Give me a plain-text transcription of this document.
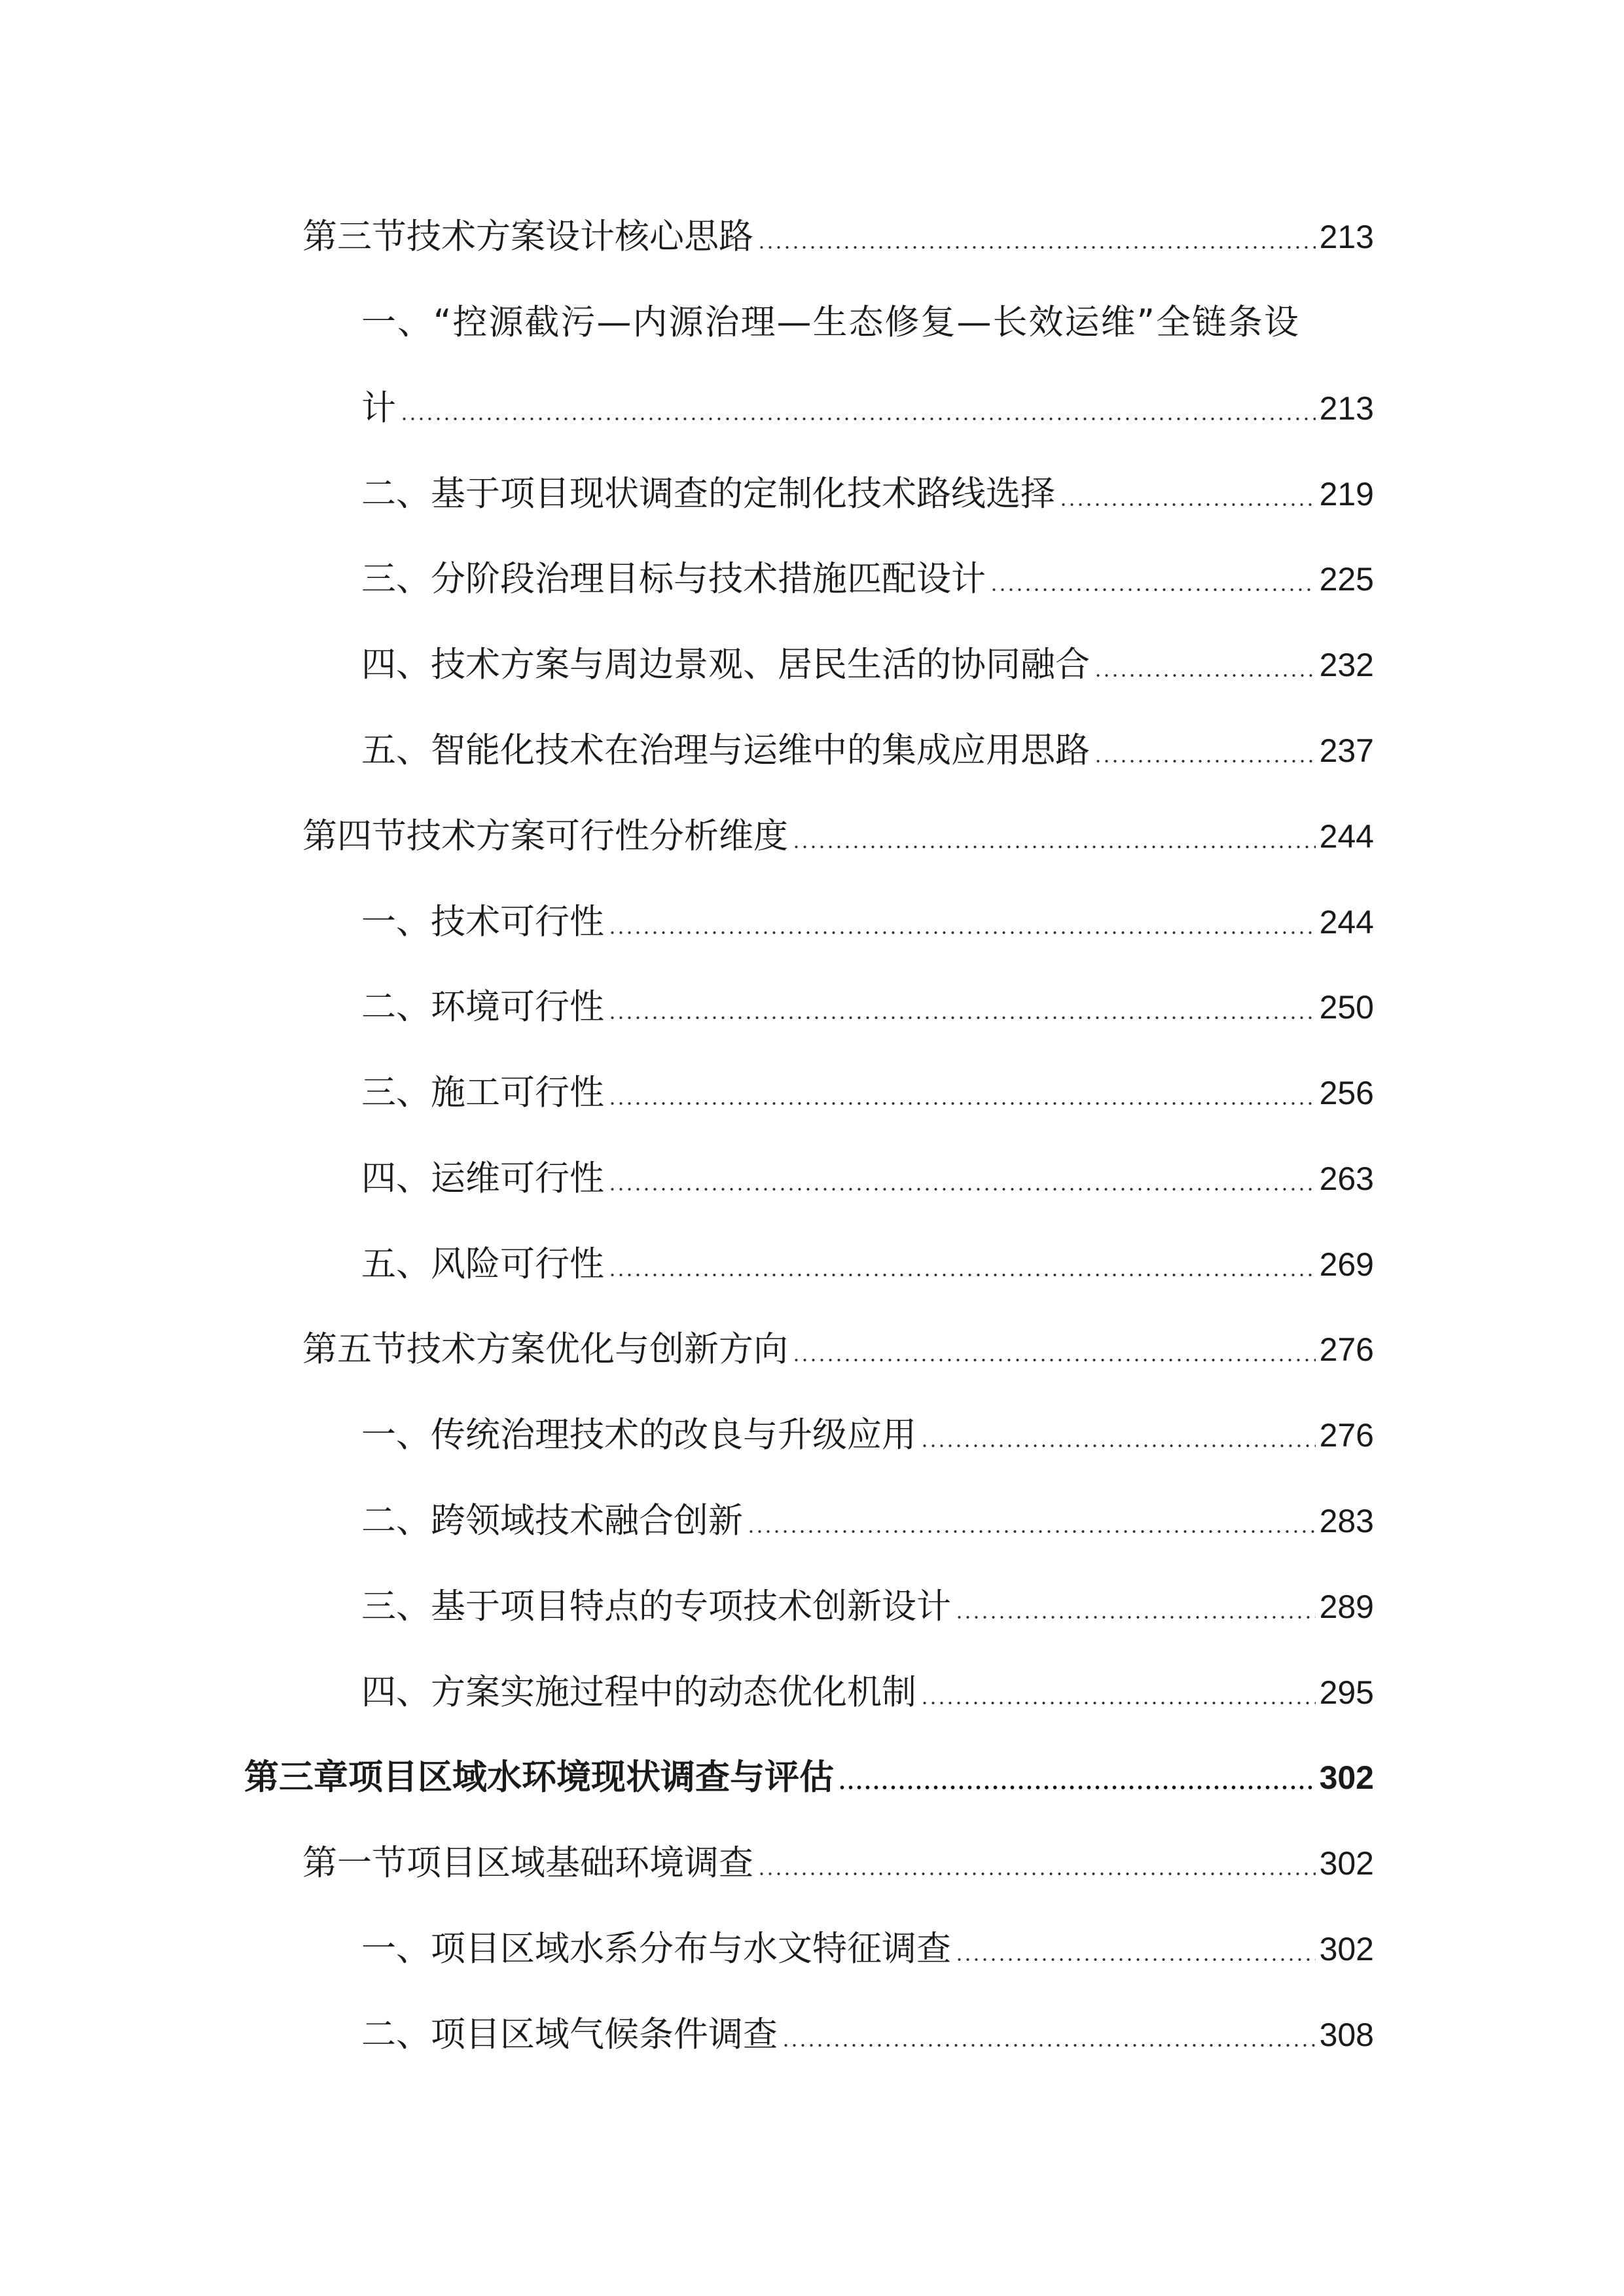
第三节技术方案设计核心思路	213
一、“控源截污—内源治理—生态修复—长效运维”全链条设
计	213
二、基于项目现状调查的定制化技术路线选择	219
三、分阶段治理目标与技术措施匹配设计	225
四、技术方案与周边景观、居民生活的协同融合	232
五、智能化技术在治理与运维中的集成应用思路	237
第四节技术方案可行性分析维度	244
一、技术可行性	244
二、环境可行性	250
三、施工可行性	256
四、运维可行性	263
五、风险可行性	269
第五节技术方案优化与创新方向	276
一、传统治理技术的改良与升级应用	276
二、跨领域技术融合创新	283
三、基于项目特点的专项技术创新设计	289
四、方案实施过程中的动态优化机制	295
第三章项目区域水环境现状调查与评估	302
第一节项目区域基础环境调查	302
一、项目区域水系分布与水文特征调查	302
二、项目区域气候条件调查	308
